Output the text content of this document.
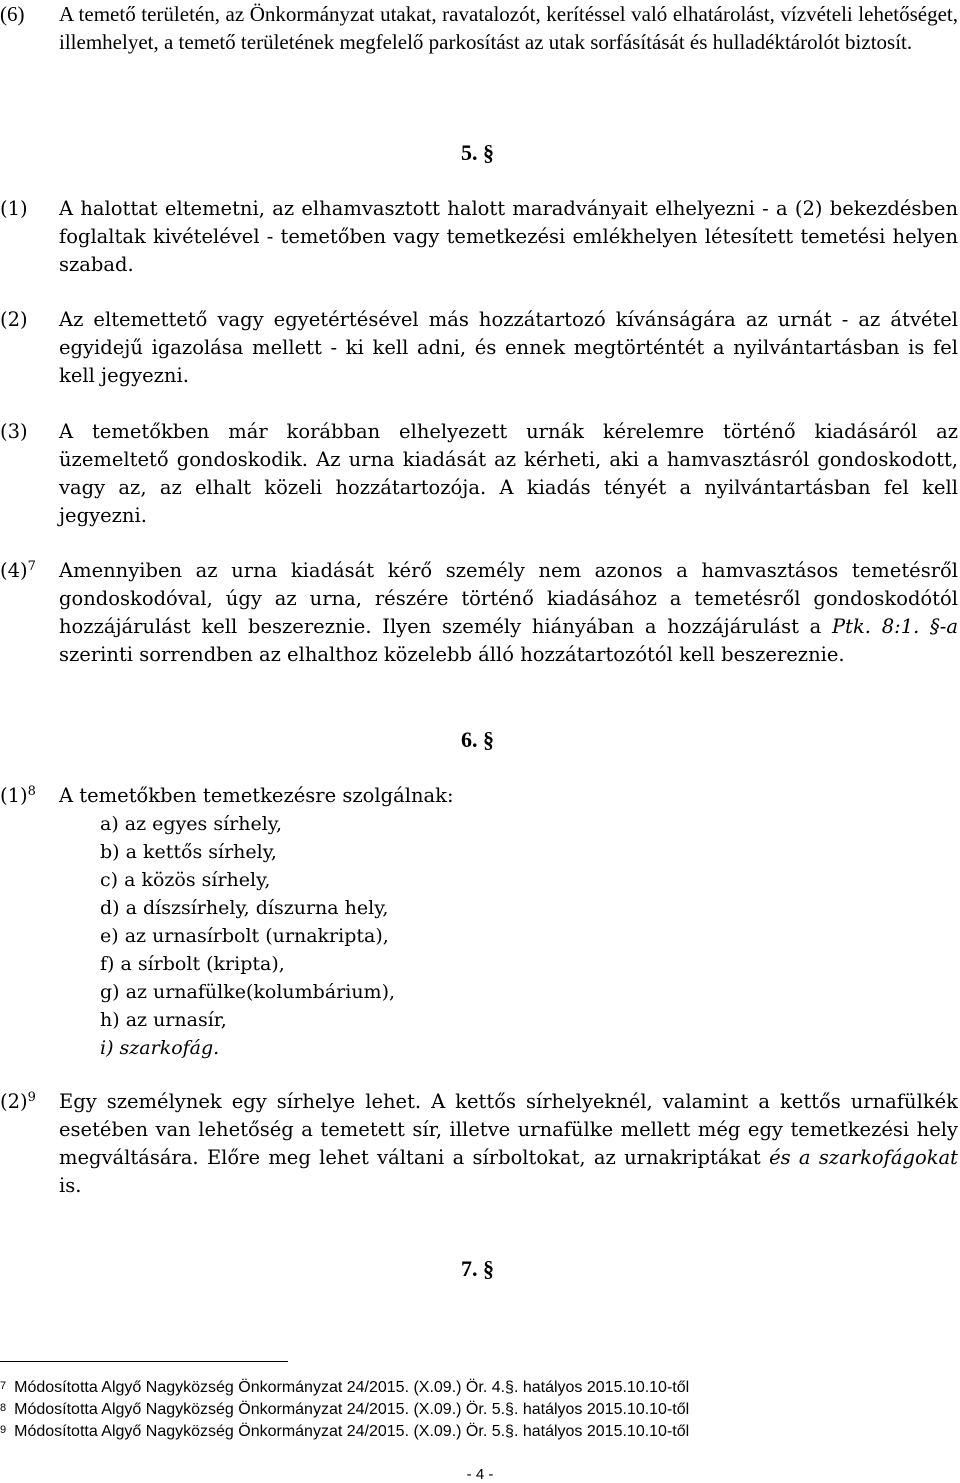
(6) A temető területén, az Önkormányzat utakat, ravatalozót, kerítéssel való elhatárolást, vízvételi lehetőséget, illemhelyet, a temető területének megfelelő parkosítást az utak sorfásítását és hulladéktárolót biztosít.
5. §
(1) A halottat eltemetni, az elhamvasztott halott maradványait elhelyezni - a (2) bekezdésben foglaltak kivételével - temetőben vagy temetkezési emlékhelyen létesített temetési helyen szabad.
(2) Az eltemettető vagy egyetértésével más hozzátartozó kívánságára az urnát - az átvétel egyidejű igazolása mellett - ki kell adni, és ennek megtörténtét a nyilvántartásban is fel kell jegyezni.
(3) A temetőkben már korábban elhelyezett urnák kérelemre történő kiadásáról az üzemeltető gondoskodik. Az urna kiadását az kérheti, aki a hamvasztásról gondoskodott, vagy az, az elhalt közeli hozzátartozója. A kiadás tényét a nyilvántartásban fel kell jegyezni.
$(4)^7$ Amennyiben az urna kiadását kérő személy nem azonos a hamvasztásos temetésről gondoskodóval, úgy az urna, részére történő kiadásához a temetésről gondoskodótól hozzájárulást kell beszereznie. Ilyen személy hiányában a hozzájárulást a Ptk. 8:1. §-a szerinti sorrendben az elhalthoz közelebb álló hozzátartozótól kell beszereznie.
6. §
$(1)^8$ A temetőkben temetkezésre szolgálnak:
a) az egyes sírhely,
b) a kettős sírhely,
c) a közös sírhely,
d) a díszsírhely, díszurna hely,
e) az urnasírbolt (urnakripta),
f) a sírbolt (kripta),
g) az urnafülke(kolumbárium),
h) az urnasír,
i) szarkofág.
$(2)^9$ Egy személynek egy sírhelye lehet. A kettős sírhelyeknél, valamint a kettős urnafülkék esetében van lehetőség a temetett sír, illetve urnafülke mellett még egy temetkezési hely megváltására. Előre meg lehet váltani a sírboltokat, az urnakriptákat és a szarkofágokat is.
7. §
$^7$ Módosította Algyő Nagyközség Önkormányzat 24/2015. (X.09.) Ör. 4.§. hatályos 2015.10.10-től
$^8$ Módosította Algyő Nagyközség Önkormányzat 24/2015. (X.09.) Ör. 5.§. hatályos 2015.10.10-től
$^9$ Módosította Algyő Nagyközség Önkormányzat 24/2015. (X.09.) Ör. 5.§. hatályos 2015.10.10-től
- 4 -
